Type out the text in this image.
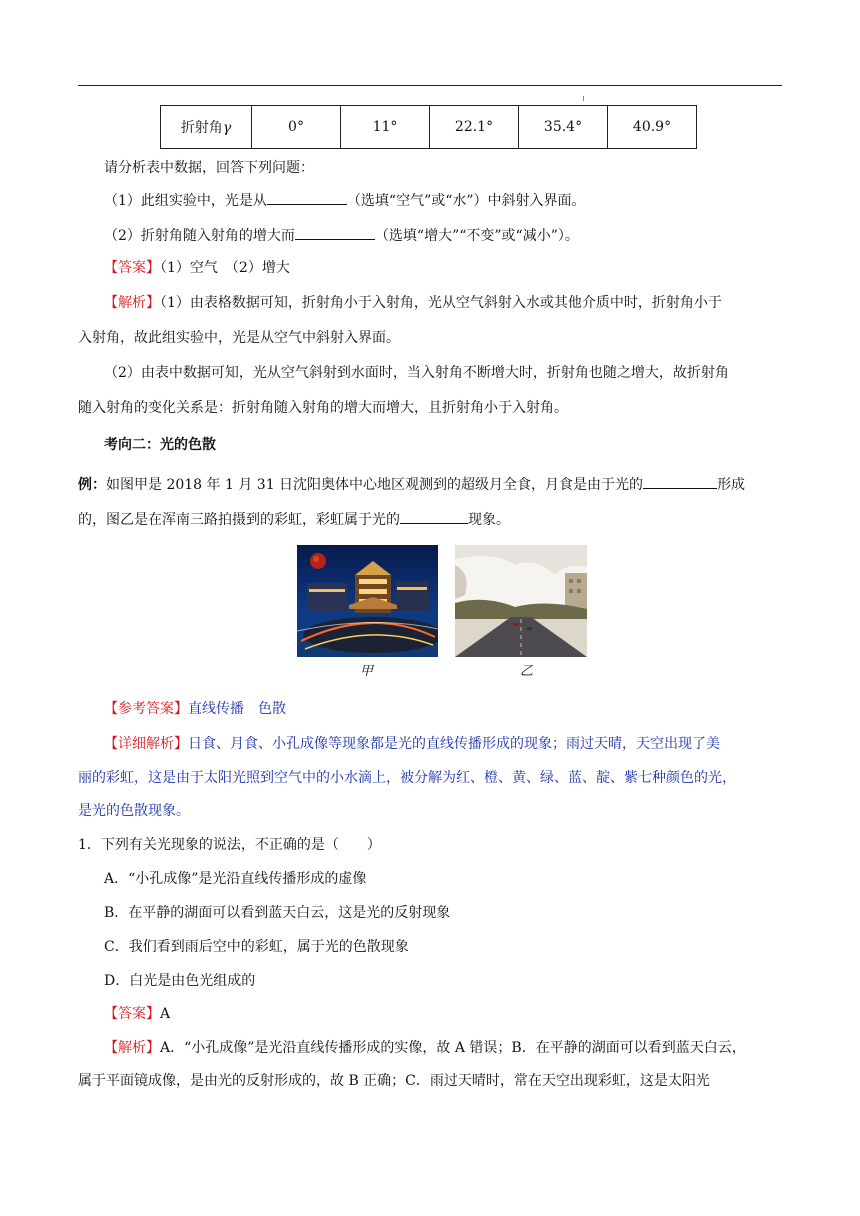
折射角γ	0°	11°	22.1°	35.4°	40.9°
请分析表中数据，回答下列问题：
（1）此组实验中，光是从	（选填“空气”或“水”）中斜射入界面。
（2）折射角随入射角的增大而	（选填“增大”“不变”或“减小”）。
【答案】（1）空气　（2）增大
【解析】（1）由表格数据可知，折射角小于入射角，光从空气斜射入水或其他介质中时，折射角小于
入射角，故此组实验中，光是从空气中斜射入界面。
（2）由表中数据可知，光从空气斜射到水面时，当入射角不断增大时，折射角也随之增大，故折射角
随入射角的变化关系是：折射角随入射角的增大而增大，且折射角小于入射角。
考向二：光的色散
例：如图甲是 2018 年 1 月 31 日沈阳奥体中心地区观测到的超级月全食，月食是由于光的	形成
的，图乙是在浑南三路拍摄到的彩虹，彩虹属于光的	现象。
甲	乙
【参考答案】直线传播　色散
【详细解析】日食、月食、小孔成像等现象都是光的直线传播形成的现象；雨过天晴，天空出现了美
丽的彩虹，这是由于太阳光照到空气中的小水滴上，被分解为红、橙、黄、绿、蓝、靛、紫七种颜色的光，
是光的色散现象。
1．下列有关光现象的说法，不正确的是（　　）
A．“小孔成像”是光沿直线传播形成的虚像
B．在平静的湖面可以看到蓝天白云，这是光的反射现象
C．我们看到雨后空中的彩虹，属于光的色散现象
D．白光是由色光组成的
【答案】A
【解析】A．“小孔成像”是光沿直线传播形成的实像，故 A 错误；B．在平静的湖面可以看到蓝天白云，
属于平面镜成像，是由光的反射形成的，故 B 正确；C．雨过天晴时，常在天空出现彩虹，这是太阳光
